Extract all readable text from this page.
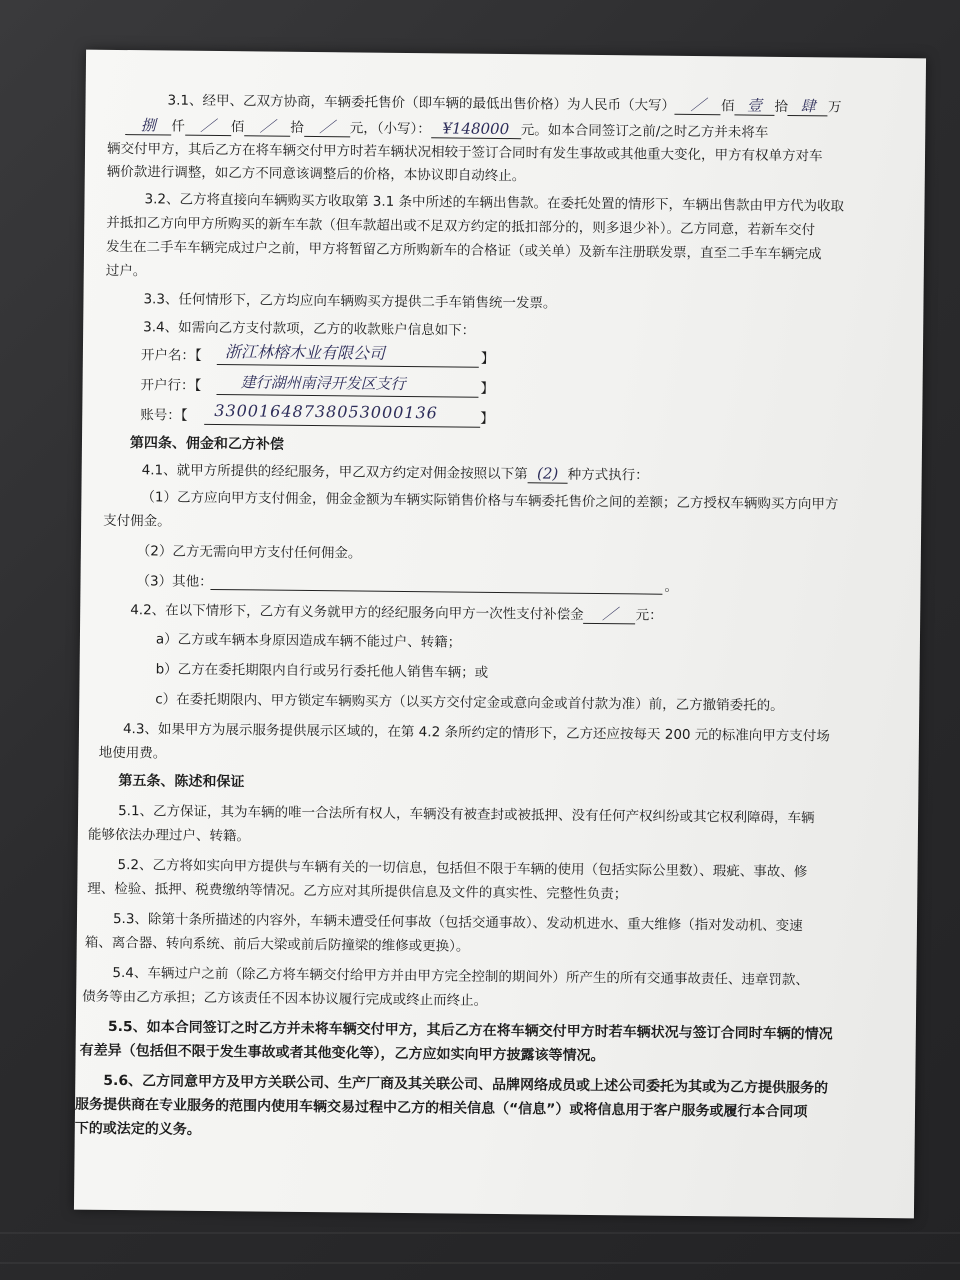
3.1、经甲、乙双方协商，车辆委托售价（即车辆的最低出售价格）为人民币（大写） ／ 佰 壹 拾 肆 万
捌 仟 ／ 佰 ／ 拾 ／ 元，（小写）： ¥148000 元。如本合同签订之前/之时乙方并未将车
辆交付甲方，其后乙方在将车辆交付甲方时若车辆状况相较于签订合同时有发生事故或其他重大变化，甲方有权单方对车
辆价款进行调整，如乙方不同意该调整后的价格，本协议即自动终止。
3.2、乙方将直接向车辆购买方收取第 3.1 条中所述的车辆出售款。在委托处置的情形下，车辆出售款由甲方代为收取
并抵扣乙方向甲方所购买的新车车款（但车款超出或不足双方约定的抵扣部分的，则多退少补）。乙方同意，若新车交付
发生在二手车车辆完成过户之前，甲方将暂留乙方所购新车的合格证（或关单）及新车注册联发票，直至二手车车辆完成
过户。
3.3、任何情形下，乙方均应向车辆购买方提供二手车销售统一发票。
3.4、如需向乙方支付款项，乙方的收款账户信息如下：
开户名：【 浙江林榕木业有限公司	】
开户行：【	建行湖州南浔开发区支行	】
账号：【 33001648738053000136	】
第四条、佣金和乙方补偿
4.1、就甲方所提供的经纪服务，甲乙双方约定对佣金按照以下第 (2) 种方式执行：
（1）乙方应向甲方支付佣金，佣金金额为车辆实际销售价格与车辆委托售价之间的差额；乙方授权车辆购买方向甲方
支付佣金。
（2）乙方无需向甲方支付任何佣金。
（3）其他：	。
4.2、在以下情形下，乙方有义务就甲方的经纪服务向甲方一次性支付补偿金 ／ 元：
a）乙方或车辆本身原因造成车辆不能过户、转籍；
b）乙方在委托期限内自行或另行委托他人销售车辆；或
c）在委托期限内、甲方锁定车辆购买方（以买方交付定金或意向金或首付款为准）前，乙方撤销委托的。
4.3、如果甲方为展示服务提供展示区域的，在第 4.2 条所约定的情形下，乙方还应按每天 200 元的标准向甲方支付场
地使用费。
第五条、陈述和保证
5.1、乙方保证，其为车辆的唯一合法所有权人，车辆没有被查封或被抵押、没有任何产权纠纷或其它权利障碍，车辆
能够依法办理过户、转籍。
5.2、乙方将如实向甲方提供与车辆有关的一切信息，包括但不限于车辆的使用（包括实际公里数）、瑕疵、事故、修
理、检验、抵押、税费缴纳等情况。乙方应对其所提供信息及文件的真实性、完整性负责；
5.3、除第十条所描述的内容外，车辆未遭受任何事故（包括交通事故）、发动机进水、重大维修（指对发动机、变速
箱、离合器、转向系统、前后大梁或前后防撞梁的维修或更换）。
5.4、车辆过户之前（除乙方将车辆交付给甲方并由甲方完全控制的期间外）所产生的所有交通事故责任、违章罚款、
债务等由乙方承担；乙方该责任不因本协议履行完成或终止而终止。
5.5、如本合同签订之时乙方并未将车辆交付甲方，其后乙方在将车辆交付甲方时若车辆状况与签订合同时车辆的情况
有差异（包括但不限于发生事故或者其他变化等），乙方应如实向甲方披露该等情况。
5.6、乙方同意甲方及甲方关联公司、生产厂商及其关联公司、品牌网络成员或上述公司委托为其或为乙方提供服务的
服务提供商在专业服务的范围内使用车辆交易过程中乙方的相关信息（“信息”）或将信息用于客户服务或履行本合同项
下的或法定的义务。
